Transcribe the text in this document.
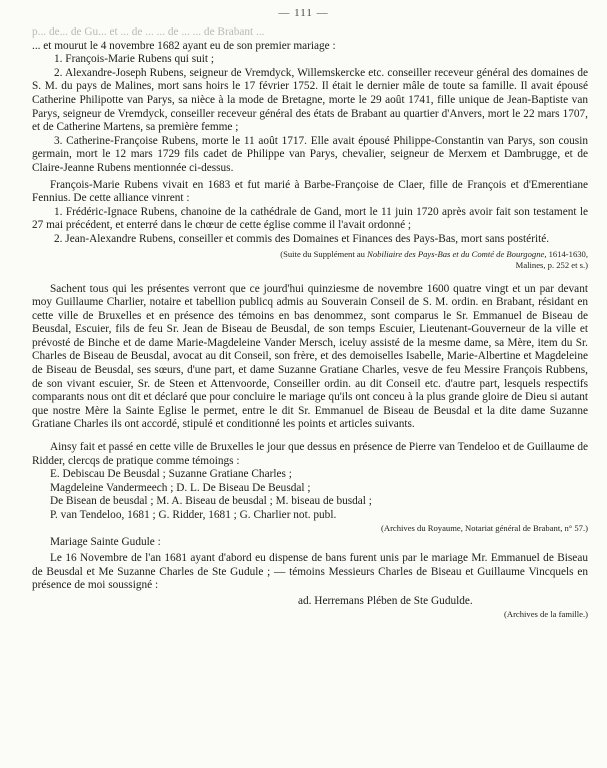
— 111 —

p... de... de Gu... et ... de ... ... de ... ... de Brabant ...

... et mourut le 4 novembre 1682 ayant eu de son premier mariage :

1. François-Marie Rubens qui suit ;

2. Alexandre-Joseph Rubens, seigneur de Vremdyck, Willemskercke etc. conseiller receveur général des domaines de S. M. du pays de Malines, mort sans hoirs le 17 février 1752. Il était le dernier mâle de toute sa famille. Il avait épousé Catherine Philipotte van Parys, sa nièce à la mode de Bretagne, morte le 29 août 1741, fille unique de Jean-Baptiste van Parys, seigneur de Vremdyck, conseiller receveur général des états de Brabant au quartier d'Anvers, mort le 22 mars 1707, et de Catherine Martens, sa première femme ;

3. Catherine-Françoise Rubens, morte le 11 août 1717. Elle avait épousé Philippe-Constantin van Parys, son cousin germain, mort le 12 mars 1729 fils cadet de Philippe van Parys, chevalier, seigneur de Merxem et Dambrugge, et de Claire-Jeanne Rubens mentionnée ci-dessus.

François-Marie Rubens vivait en 1683 et fut marié à Barbe-Françoise de Claer, fille de François et d'Emerentiane Fennius. De cette alliance vinrent :

1. Frédéric-Ignace Rubens, chanoine de la cathédrale de Gand, mort le 11 juin 1720 après avoir fait son testament le 27 mai précédent, et enterré dans le chœur de cette église comme il l'avait ordonné ;

2. Jean-Alexandre Rubens, conseiller et commis des Domaines et Finances des Pays-Bas, mort sans postérité.

(Suite du Supplément au Nobiliaire des Pays-Bas et du Comté de Bourgogne, 1614-1630,
Malines, p. 252 et s.)

Sachent tous qui les présentes verront que ce jourd'hui quinziesme de novembre 1600 quatre vingt et un par devant moy Guillaume Charlier, notaire et tabellion publicq admis au Souverain Conseil de S. M. ordin. en Brabant, résidant en cette ville de Bruxelles et en présence des témoins en bas denommez, sont comparus le Sr. Emmanuel de Biseau de Beusdal, Escuier, fils de feu Sr. Jean de Biseau de Beusdal, de son temps Escuier, Lieutenant-Gouverneur de la ville et prévosté de Binche et de dame Marie-Magdeleine Vander Mersch, iceluy assisté de la mesme dame, sa Mère, item du Sr. Charles de Biseau de Beusdal, avocat au dit Conseil, son frère, et des demoiselles Isabelle, Marie-Albertine et Magdeleine de Biseau de Beusdal, ses sœurs, d'une part, et dame Suzanne Gratiane Charles, vesve de feu Messire François Rubbens, de son vivant escuier, Sr. de Steen et Attenvoorde, Conseiller ordin. au dit Conseil etc. d'autre part, lesquels respectifs comparants nous ont dit et déclaré que pour concluire le mariage qu'ils ont conceu à la plus grande gloire de Dieu si autant que nostre Mère la Sainte Eglise le permet, entre le dit Sr. Emmanuel de Biseau de Beusdal et la dite dame Suzanne Gratiane Charles ils ont accordé, stipulé et conditionné les points et articles suivants.

Ainsy fait et passé en cette ville de Bruxelles le jour que dessus en présence de Pierre van Tendeloo et de Guillaume de Ridder, clercqs de pratique comme témoings :

E. Debiscau De Beusdal ; Suzanne Gratiane Charles ;

Magdeleine Vandermeech ; D. L. De Biseau De Beusdal ;

De Bisean de beusdal ; M. A. Biseau de beusdal ; M. biseau de busdal ;

P. van Tendeloo, 1681 ; G. Ridder, 1681 ; G. Charlier not. publ.

(Archives du Royaume, Notariat général de Brabant, n° 57.)

Mariage Sainte Gudule :

Le 16 Novembre de l'an 1681 ayant d'abord eu dispense de bans furent unis par le mariage Mr. Emmanuel de Biseau de Beusdal et Me Suzanne Charles de Ste Gudule ; — témoins Messieurs Charles de Biseau et Guillaume Vincquels en présence de moi soussigné :

ad. Herremans Plében de Ste Gudulde.

(Archives de la famille.)
